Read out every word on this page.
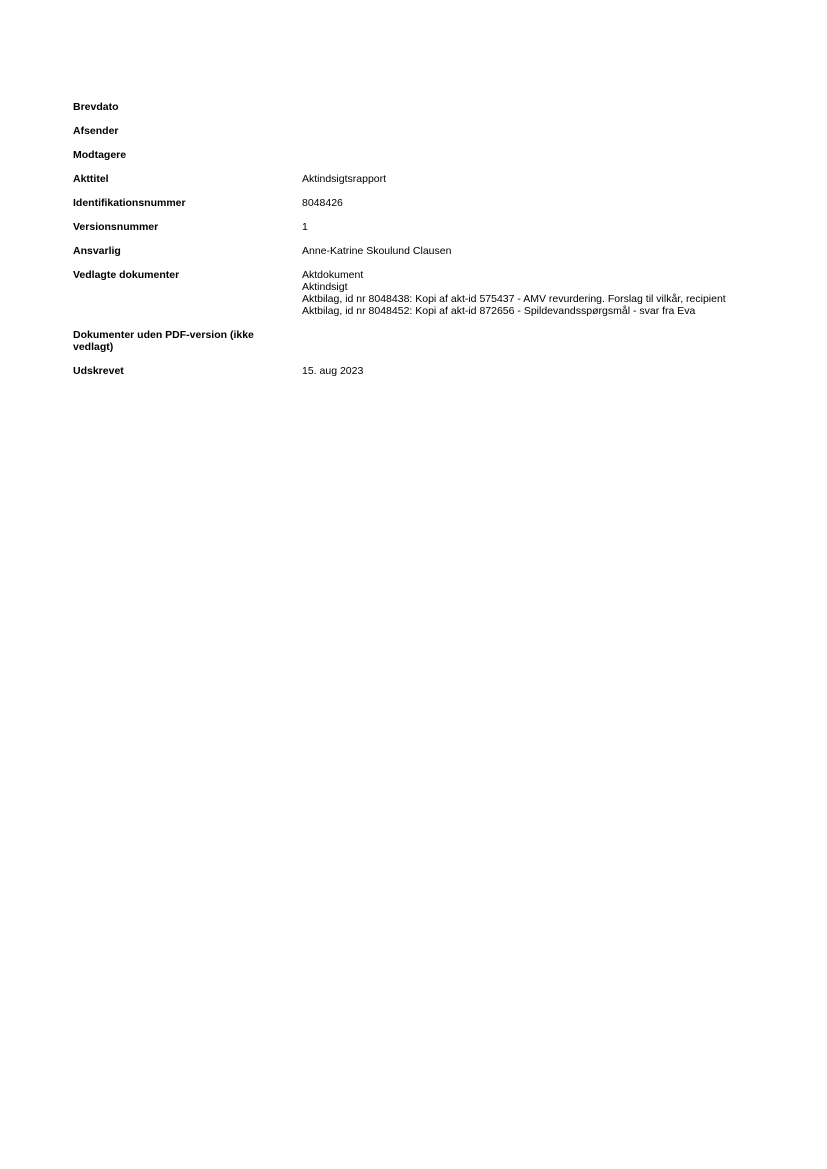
Brevdato
Afsender
Modtagere
Akttitel	Aktindsigtsrapport
Identifikationsnummer	8048426
Versionsnummer	1
Ansvarlig	Anne-Katrine Skoulund Clausen
Vedlagte dokumenter	Aktdokument
Aktindsigt
Aktbilag, id nr 8048438: Kopi af akt-id 575437 - AMV revurdering. Forslag til vilkår, recipient
Aktbilag, id nr 8048452: Kopi af akt-id 872656 - Spildevandsspørgsmål - svar fra Eva
Dokumenter uden PDF-version (ikke vedlagt)
Udskrevet	15. aug 2023
